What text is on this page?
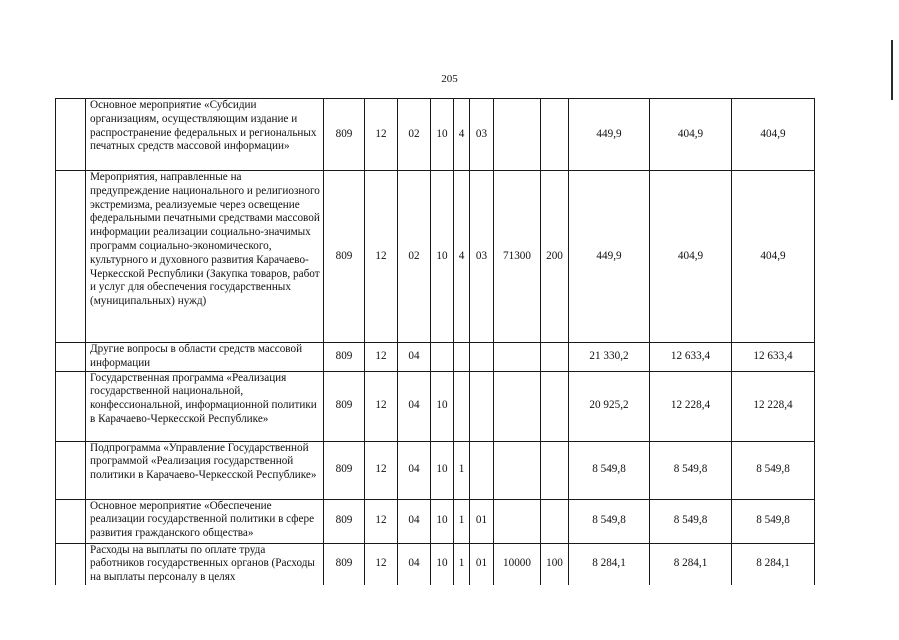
205
	Основное мероприятие «Субсидии организациям, осуществляющим издание и распространение федеральных и региональных печатных средств массовой информации»	809	12	02	10	4	03			449,9	404,9	404,9
	Мероприятия, направленные на предупреждение национального и религиозного экстремизма, реализуемые через освещение федеральными печатными средствами массовой информации реализации социально-значимых программ социально-экономического, культурного и духовного развития Карачаево-Черкесской Республики (Закупка товаров, работ и услуг для обеспечения государственных (муниципальных) нужд)	809	12	02	10	4	03	71300	200	449,9	404,9	404,9
	Другие вопросы в области средств массовой информации	809	12	04						21 330,2	12 633,4	12 633,4
	Государственная программа «Реализация государственной национальной, конфессиональной, информационной политики в Карачаево-Черкесской Республике»	809	12	04	10					20 925,2	12 228,4	12 228,4
	Подпрограмма «Управление Государственной программой «Реализация государственной политики в Карачаево-Черкесской Республике»	809	12	04	10	1				8 549,8	8 549,8	8 549,8
	Основное мероприятие «Обеспечение реализации государственной политики в сфере развития гражданского общества»	809	12	04	10	1	01			8 549,8	8 549,8	8 549,8
	Расходы на выплаты по оплате труда работников государственных органов (Расходы на выплаты персоналу в целях	809	12	04	10	1	01	10000	100	8 284,1	8 284,1	8 284,1
